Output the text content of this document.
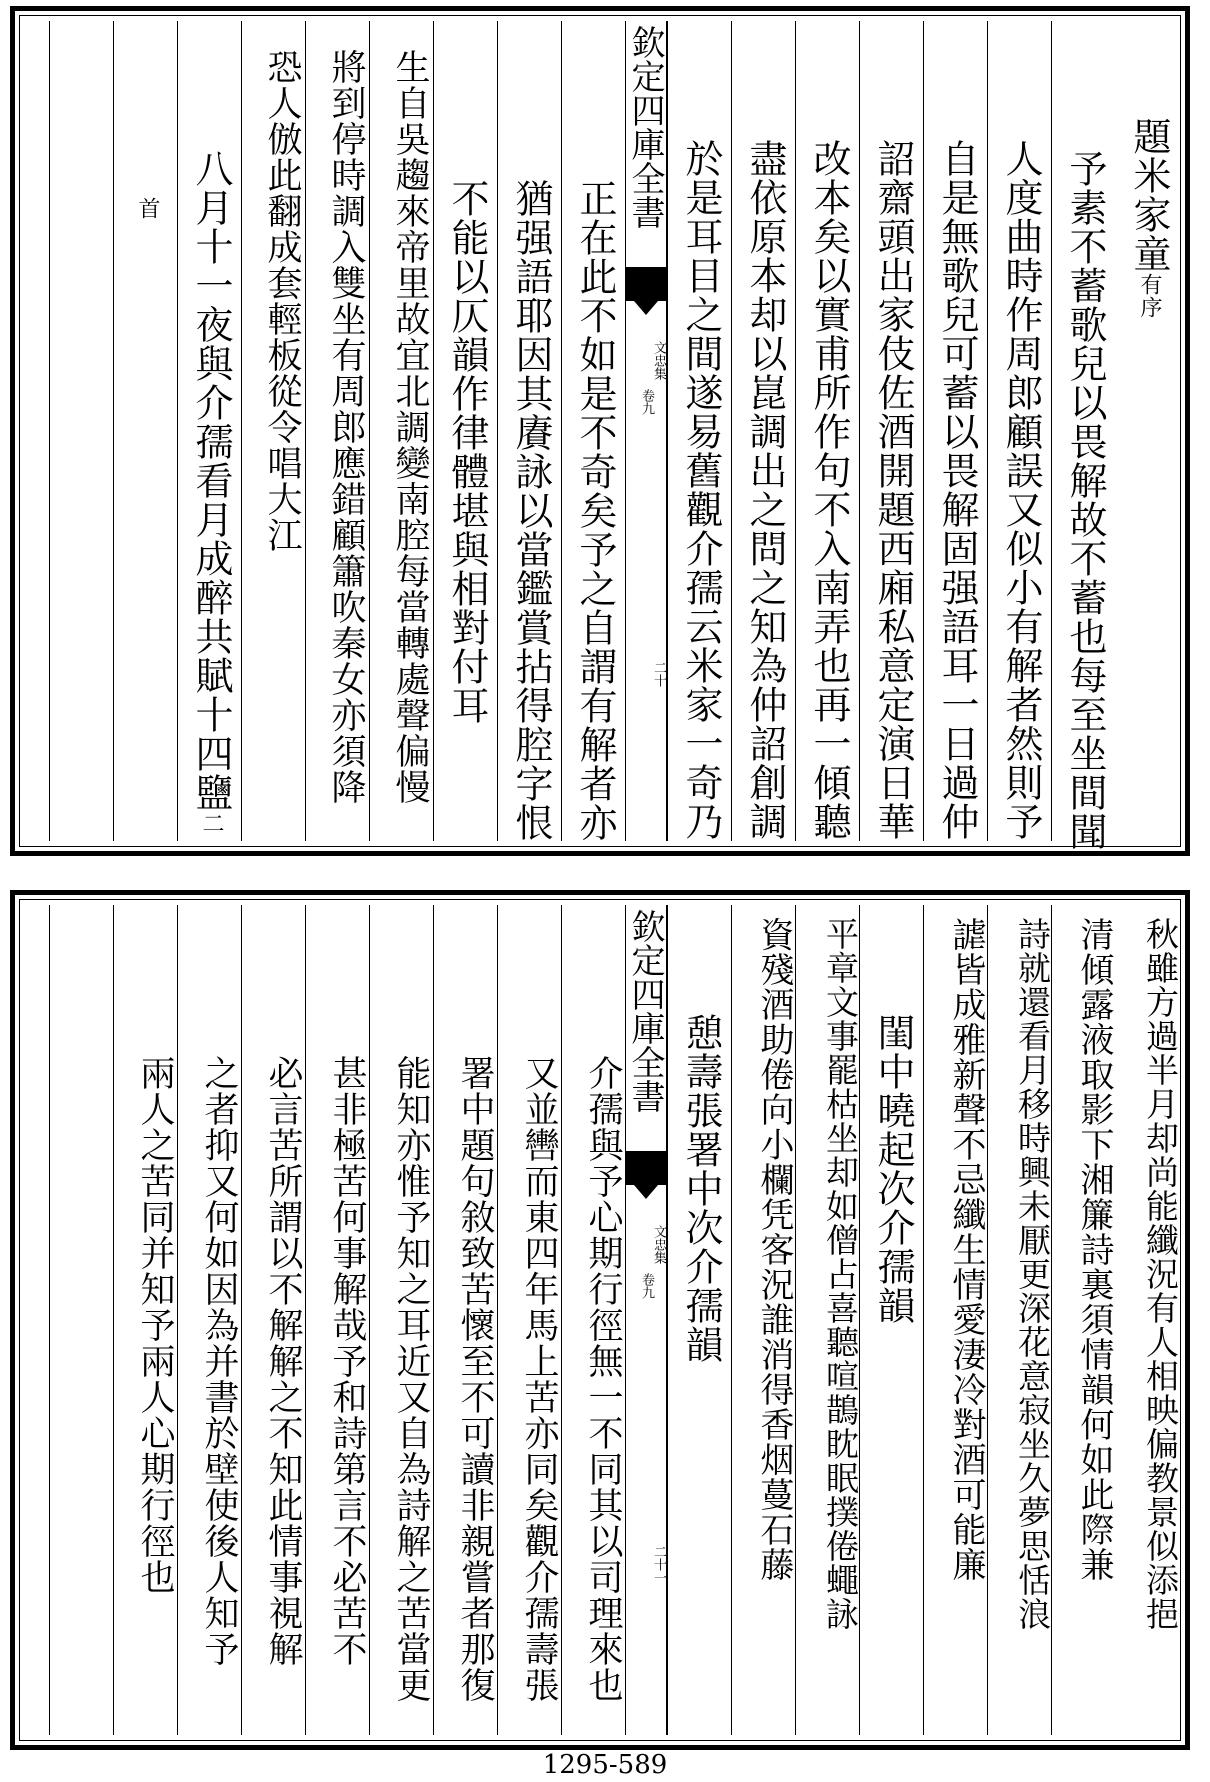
題米家童有序
予素不蓄歌兒以畏解故不蓄也每至坐間聞
人度曲時作周郎顧誤又似小有解者然則予
自是無歌兒可蓄以畏解固强語耳一日過仲
詔齋頭出家伎佐酒開題西廂私意定演日華
改本矣以實甫所作句不入南弄也再一傾聽
盡依原本却以崑調出之問之知為仲詔創調
於是耳目之間遂易舊觀介孺云米家一奇乃
欽定四庫全書
文忠集
卷九
二十
正在此不如是不奇矣予之自謂有解者亦
猶强語耶因其賡詠以當鑑賞拈得腔字恨
不能以仄韻作律體堪與相對付耳
生自吳趨來帝里故宜北調變南腔每當轉處聲偏慢
將到停時調入雙坐有周郎應錯顧簫吹秦女亦須降
恐人倣此翻成套輕板從令唱大江
八月十一夜與介孺看月成醉共賦十四鹽二
首
秋雖方過半月却尚能纖況有人相映偏教景似添挹
清傾露液取影下湘簾詩裏須情韻何如此際兼
詩就還看月移時興未厭更深花意寂坐久夢思恬浪
謔皆成雅新聲不忌纖生情愛淒冷對酒可能廉
閨中曉起次介孺韻
平章文事罷枯坐却如僧占喜聽喧鵲眈眠撲倦蠅詠
資殘酒助倦向小欄凭客況誰消得香烟蔓石藤
憩壽張署中次介孺韻
欽定四庫全書
文忠集
卷九
二十一
介孺與予心期行徑無一不同其以司理來也
又並轡而東四年馬上苦亦同矣觀介孺壽張
署中題句敘致苦懷至不可讀非親嘗者那復
能知亦惟予知之耳近又自為詩解之苦當更
甚非極苦何事解哉予和詩第言不必苦不
必言苦所謂以不解解之不知此情事視解
之者抑又何如因為并書於壁使後人知予
兩人之苦同并知予兩人心期行徑也
1295-589
